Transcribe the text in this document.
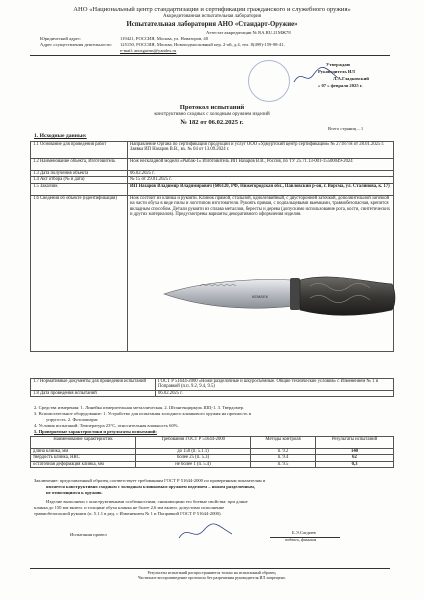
АНО «Национальный центр стандартизации и сертификации гражданского и служебного оружия»
Аккредитованная испытательная лаборатория
Испытательная лаборатория АНО «Стандарт-Оружие»
Аттестат аккредитации № RA.RU.21МЖ78
Юридический адрес:	119421, РОССИЯ, Москва, ул. Новаторов, 40
Адрес осуществления деятельности: 125150, РОССИЯ, Москва, Новоподмосковный пер. 2-ой, д.4, тел. 8(499)-159-98-41,
e-mail: anosgarms@yandex.ru
Утверждаю
Руководитель ИЛ
Л.А.Гладковский
« 07 » февраля 2025 г.
Протокол испытаний
конструктивно сходных с холодным оружием изделий
№ 182 от 06.02.2025 г.
Всего страниц – 1
1. Исходные данные:
1.1 Основание для проведения работ	Направление Органа по сертификации продукции и услуг ООО «Удмуртский центр сертификации» № 27187/Н от 28.01.2025 г. Заявка ИП Назаров В.В., вх. № 04 от 13.09.2024 г.
1.2 Наименование объекта, Изготовитель	Нож нескладной модели «Рыбак-1» Изготовитель ИП Назаров В.В., Россия, по ТУ 25.71.13-001-15500049-2024
1.3 Дата получения объекта	06.02.2025 г.
1.4 Акт отбора (№ и дата)	№ 15 от 29.01.2025 г.
1.5 Заказчик	ИП Назаров Владимир Владимирович (606120, РФ, Нижегородская обл., Павловский р-он, г. Ворсма, ул. Сталинова, к. 17)
1.6 Сведения об объекте (идентификация)	Нож состоит из клинка и рукояти. Клинок прямой, стальной, однолезвийный, с двусторонней заточкой, дополнительной заточкой на части обуха в виде пилы и логотипом изготовителя. Рукоять прямая, с подпальцевыми выемками, травмобезопасная, крепится вкладным способом. Детали рукояти из сплава металлов, бересты и дерева (допускимо использование рога, кости, синтетических и других материалов). Предусмотрены варианты декоративного оформления изделия.
КЕМБЕК
1.7 Нормативные документы для проведения испытаний	ГОСТ Р 51644-2000 «Ножи разделочные и шкуросъёмные. Общие технические условия» с Изменением № 1 и Поправкой (п.п. 9.2, 9.4, 9.5)
1.8 Дата проведения испытаний	06.02.2025 г.
2. Средства измерения: 1. Линейка измерительная металлическая. 2. Штангенциркуль ШЦ-1. 3. Твердомер.
3. Вспомогательное оборудование: 1. Устройство для испытания холодного клинкового оружия на прочность и
упругость. 2. Фотоаппарат.
4. Условия испытаний: Температура 23°С, относительная влажность 60%.
5. Проверяемые характеристики и результаты испытаний:
Наименование характеристик	Требования ГОСТ Р 51644-2000	Методы контроля	Результаты испытаний
длина клинка, мм	до 150 (п. 5.1.1)	п. 9.2	140
твердость клинка, HRC	более 25 (п. 5.3)	п. 9.4	62
остаточная деформация клинка, мм	не более 1 (п. 5.4)	п. 9.5	0,3
Заключение: представленный образец соответствует требованиям ГОСТ Р 51644-2000 по проверенным показателям и
является конструктивно сходным с холодным клинковым оружием изделием – ножом разделочным,
не относящимся к оружию.
Изделие выполнено с конструктивными особенностями, снижающими его боевые свойства: при длине
клинка до 150 мм включ. и толщине обуха клинка не более 2,6 мм включ. допустимо исполнение
травмобезопасной рукояти (п. 5.1.1 в ред. с Изменением № 1 и Поправкой ГОСТ Р 51644-2000).
Испытания провел	Б.Э.Сагдиев
подпись, фамилия
Результаты испытаний распространяются только на испытанный образец.
Частичное воспроизведение протокола без разрешения руководителя ИЛ запрещено.
